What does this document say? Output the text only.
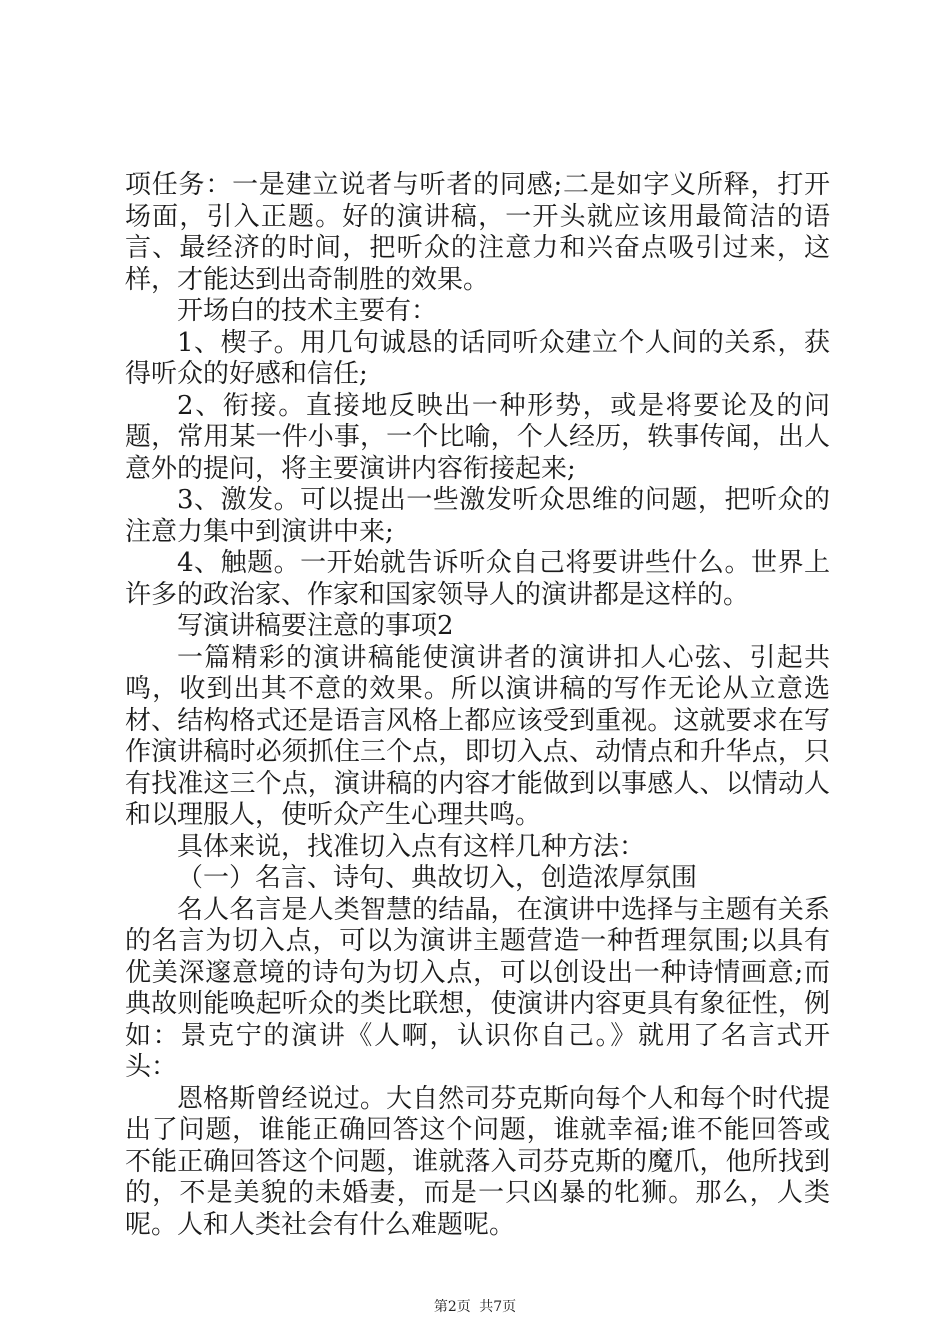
项任务：一是建立说者与听者的同感;二是如字义所释，打开场面，引入正题。好的演讲稿，一开头就应该用最简洁的语言、最经济的时间，把听众的注意力和兴奋点吸引过来，这样，才能达到出奇制胜的效果。

开场白的技术主要有：

1、楔子。用几句诚恳的话同听众建立个人间的关系，获得听众的好感和信任;

2、衔接。直接地反映出一种形势，或是将要论及的问题，常用某一件小事，一个比喻，个人经历，轶事传闻，出人意外的提问，将主要演讲内容衔接起来;

3、激发。可以提出一些激发听众思维的问题，把听众的注意力集中到演讲中来;

4、触题。一开始就告诉听众自己将要讲些什么。世界上许多的政治家、作家和国家领导人的演讲都是这样的。

写演讲稿要注意的事项2

一篇精彩的演讲稿能使演讲者的演讲扣人心弦、引起共鸣，收到出其不意的效果。所以演讲稿的写作无论从立意选材、结构格式还是语言风格上都应该受到重视。这就要求在写作演讲稿时必须抓住三个点，即切入点、动情点和升华点，只有找准这三个点，演讲稿的内容才能做到以事感人、以情动人和以理服人，使听众产生心理共鸣。

具体来说，找准切入点有这样几种方法：

（一）名言、诗句、典故切入，创造浓厚氛围

名人名言是人类智慧的结晶，在演讲中选择与主题有关系的名言为切入点，可以为演讲主题营造一种哲理氛围;以具有优美深邃意境的诗句为切入点，可以创设出一种诗情画意;而典故则能唤起听众的类比联想，使演讲内容更具有象征性，例如：景克宁的演讲《人啊，认识你自己。》就用了名言式开头：

恩格斯曾经说过。大自然司芬克斯向每个人和每个时代提出了问题，谁能正确回答这个问题，谁就幸福;谁不能回答或不能正确回答这个问题，谁就落入司芬克斯的魔爪，他所找到的，不是美貌的未婚妻，而是一只凶暴的牝狮。那么，人类呢。人和人类社会有什么难题呢。

第2页 共7页
